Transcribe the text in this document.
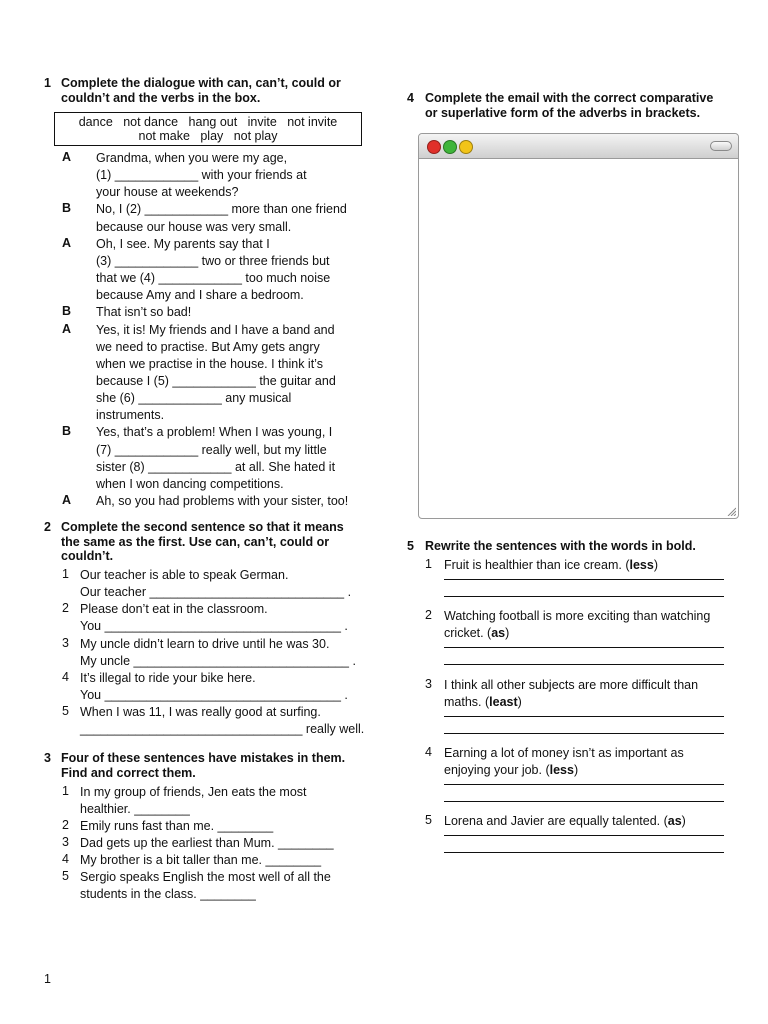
1 Complete the dialogue with can, can’t, could or
couldn’t and the verbs in the box.
dance   not dance   hang out   invite   not invite
not make   play   not play
A Grandma, when you were my age,
(1) ____________ with your friends at
your house at weekends?
B No, I (2) ____________ more than one friend
because our house was very small.
A Oh, I see. My parents say that I
(3) ____________ two or three friends but
that we (4) ____________ too much noise
because Amy and I share a bedroom.
B That isn’t so bad!
A Yes, it is! My friends and I have a band and
we need to practise. But Amy gets angry
when we practise in the house. I think it’s
because I (5) ____________ the guitar and
she (6) ____________ any musical
instruments.
B Yes, that’s a problem! When I was young, I
(7) ____________ really well, but my little
sister (8) ____________ at all. She hated it
when I won dancing competitions.
A Ah, so you had problems with your sister, too!
2 Complete the second sentence so that it means
the same as the first. Use can, can’t, could or
couldn’t.
1 Our teacher is able to speak German.
Our teacher ____________________________ .
2 Please don’t eat in the classroom.
You __________________________________ .
3 My uncle didn’t learn to drive until he was 30.
My uncle _______________________________ .
4 It’s illegal to ride your bike here.
You __________________________________ .
5 When I was 11, I was really good at surfing.
________________________________ really well.
3 Four of these sentences have mistakes in them.
Find and correct them.
1 In my group of friends, Jen eats the most
healthier. ________
2 Emily runs fast than me. ________
3 Dad gets up the earliest than Mum. ________
4 My brother is a bit taller than me. ________
5 Sergio speaks English the most well of all the
students in the class. ________
4 Complete the email with the correct comparative
or superlative form of the adverbs in brackets.
5 Rewrite the sentences with the words in bold.
1 Fruit is healthier than ice cream. (less)
2 Watching football is more exciting than watching
cricket. (as)
3 I think all other subjects are more difficult than
maths. (least)
4 Earning a lot of money isn’t as important as
enjoying your job. (less)
5 Lorena and Javier are equally talented. (as)
1
